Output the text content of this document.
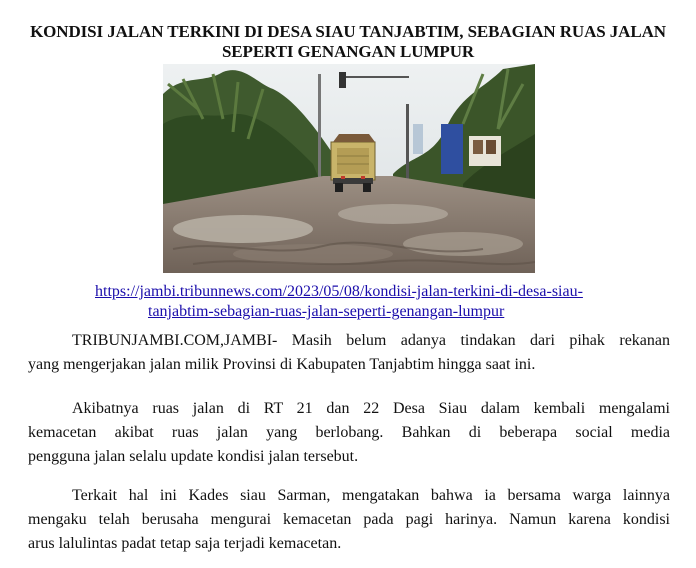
KONDISI JALAN TERKINI DI DESA SIAU TANJABTIM, SEBAGIAN RUAS JALAN SEPERTI GENANGAN LUMPUR
https://jambi.tribunnews.com/2023/05/08/kondisi-jalan-terkini-di-desa-siau-
tanjabtim-sebagian-ruas-jalan-seperti-genangan-lumpur
TRIBUNJAMBI.COM,JAMBI- Masih belum adanya tindakan dari pihak rekanan
yang mengerjakan jalan milik Provinsi di Kabupaten Tanjabtim hingga saat ini.
Akibatnya ruas jalan di RT 21 dan 22 Desa Siau dalam kembali mengalami
kemacetan akibat ruas jalan yang berlobang. Bahkan di beberapa social media
pengguna jalan selalu update kondisi jalan tersebut.
Terkait hal ini Kades siau Sarman, mengatakan bahwa ia bersama warga lainnya
mengaku telah berusaha mengurai kemacetan pada pagi harinya. Namun karena kondisi
arus lalulintas padat tetap saja terjadi kemacetan.
